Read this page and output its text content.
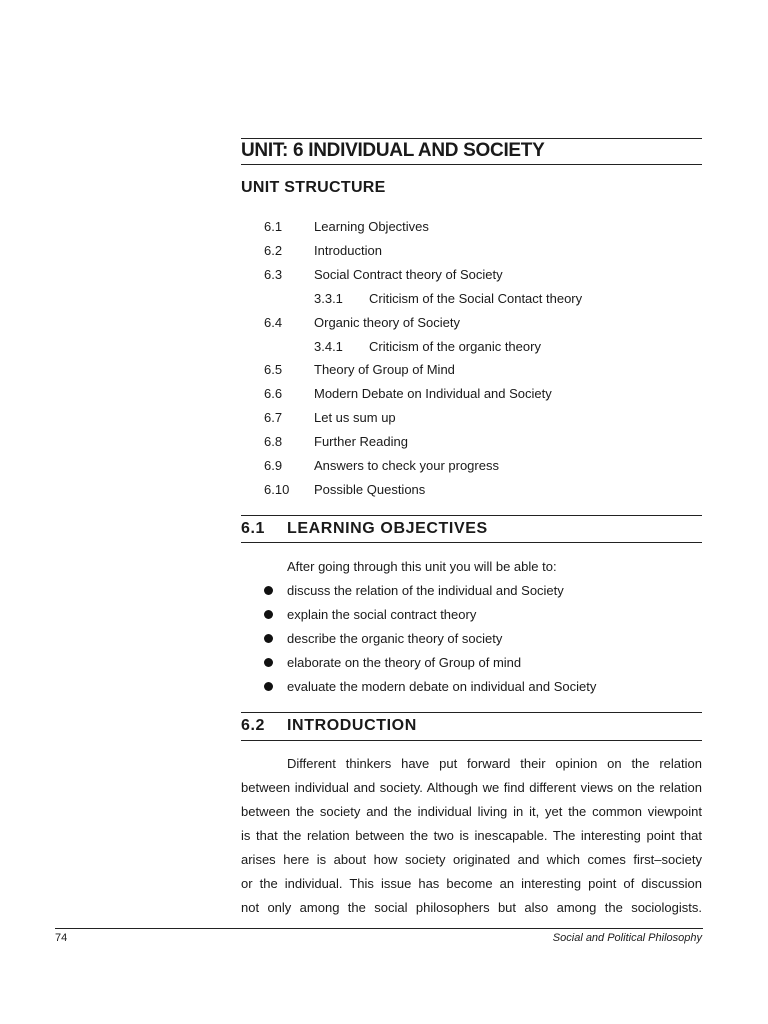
UNIT: 6 INDIVIDUAL AND SOCIETY
UNIT STRUCTURE
6.1 Learning Objectives
6.2 Introduction
6.3 Social Contract theory of Society
3.3.1 Criticism of the Social Contact theory
6.4 Organic theory of Society
3.4.1 Criticism of the organic theory
6.5 Theory of Group of Mind
6.6 Modern Debate on Individual and Society
6.7 Let us sum up
6.8 Further Reading
6.9 Answers to check your progress
6.10 Possible Questions
6.1 LEARNING OBJECTIVES

After going through this unit you will be able to:

discuss the relation of the individual and Society
explain the social contract theory
describe the organic theory of society
elaborate on the theory of Group of mind
evaluate the modern debate on individual and Society
6.2 INTRODUCTION
Different thinkers have put forward their opinion on the relation
between individual and society. Although we find different views on the relation
between the society and the individual living in it, yet the common viewpoint
is that the relation between the two is inescapable. The interesting point that
arises here is about how society originated and which comes first–society
or the individual. This issue has become an interesting point of discussion
not only among the social philosophers but also among the sociologists.
74	Social and Political Philosophy
